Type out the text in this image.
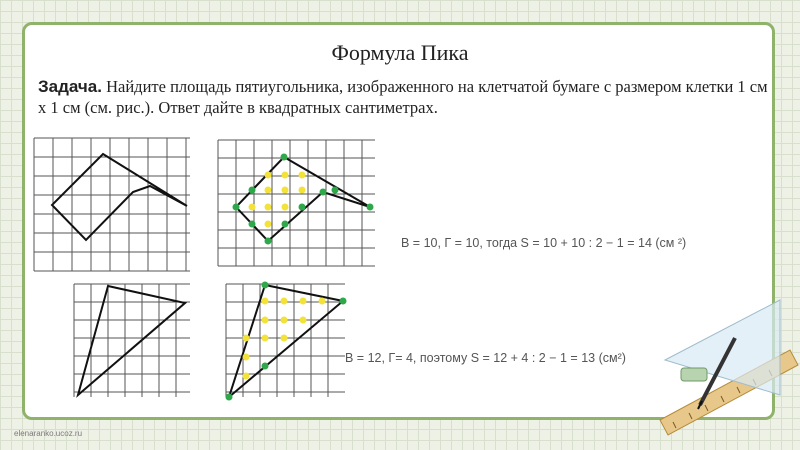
Формула Пика
Задача. Найдите площадь пятиугольника, изображенного на клетчатой бумаге с размером клетки 1 см х 1 см (см. рис.). Ответ дайте в квадратных сантиметрах.
В = 10, Г = 10, тогда S = 10 + 10 : 2 − 1 = 14 (см ²)
В = 12, Г= 4, поэтому S = 12 + 4 : 2 − 1 = 13 (см²)
elenaranko.ucoz.ru
